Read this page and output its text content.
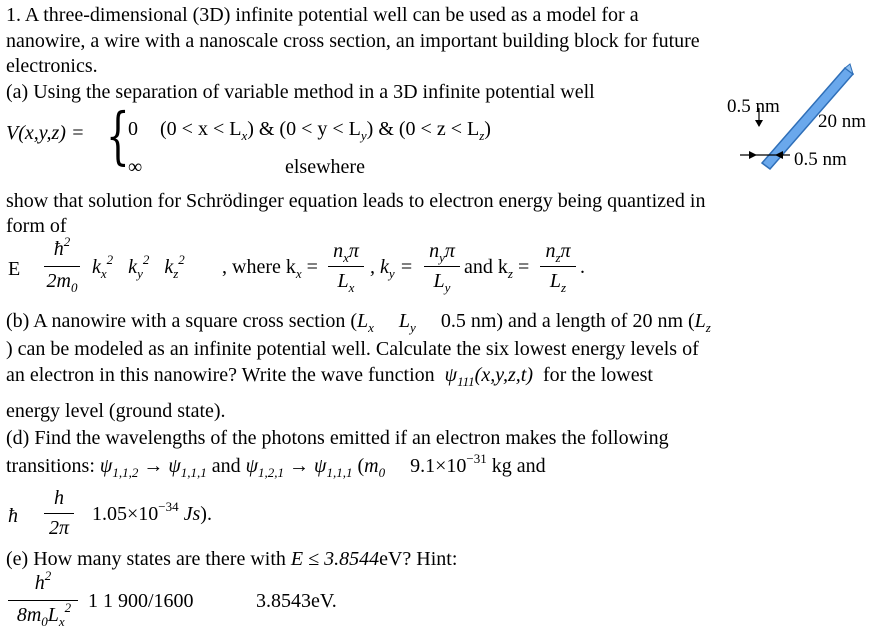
1. A three-dimensional (3D) infinite potential well can be used as a model for a
nanowire, a wire with a nanoscale cross section, an important building block for future
electronics.
(a) Using the separation of variable method in a 3D infinite potential well
V(x,y,z) = {
0 $(0 < x < L_x)$ & $(0 < y < L_y)$ & $(0 < z < L_z)$
∞	elsewhere
0.5 nm
20 nm
0.5 nm
show that solution for Schrödinger equation leads to electron energy being quantized in
form of
E
$ħ^2$
$2m_0$
$k_x^2$   $k_y^2$   $k_z^2$ , where $k_x$ =
$n_x\pi$
$L_x$
, $k_y$ =
$n_y\pi$
$L_y$
and $k_z$ =
$n_z\pi$
$L_z$
.
(b) A nanowire with a square cross section ($L_x$ $L_y$ 0.5 nm) and a length of 20 nm ($L_z$
) can be modeled as an infinite potential well. Calculate the six lowest energy levels of
an electron in this nanowire? Write the wave function $\psi_{111}(x,y,z,t)$ for the lowest
energy level (ground state).
(d) Find the wavelengths of the photons emitted if an electron makes the following
transitions: $\psi_{1,1,2} \to \psi_{1,1,1}$ and $\psi_{1,2,1} \to \psi_{1,1,1}$ ($m_0$ $9.1\times 10^{-31}$ kg and
ħ
h
2π
$1.05\times 10^{-34}$ Js).
(e) How many states are there with E ≤ 3.8544eV? Hint:
$h^2$
$8m_0L_x^2$ 1 1 900/1600	3.8543eV.
